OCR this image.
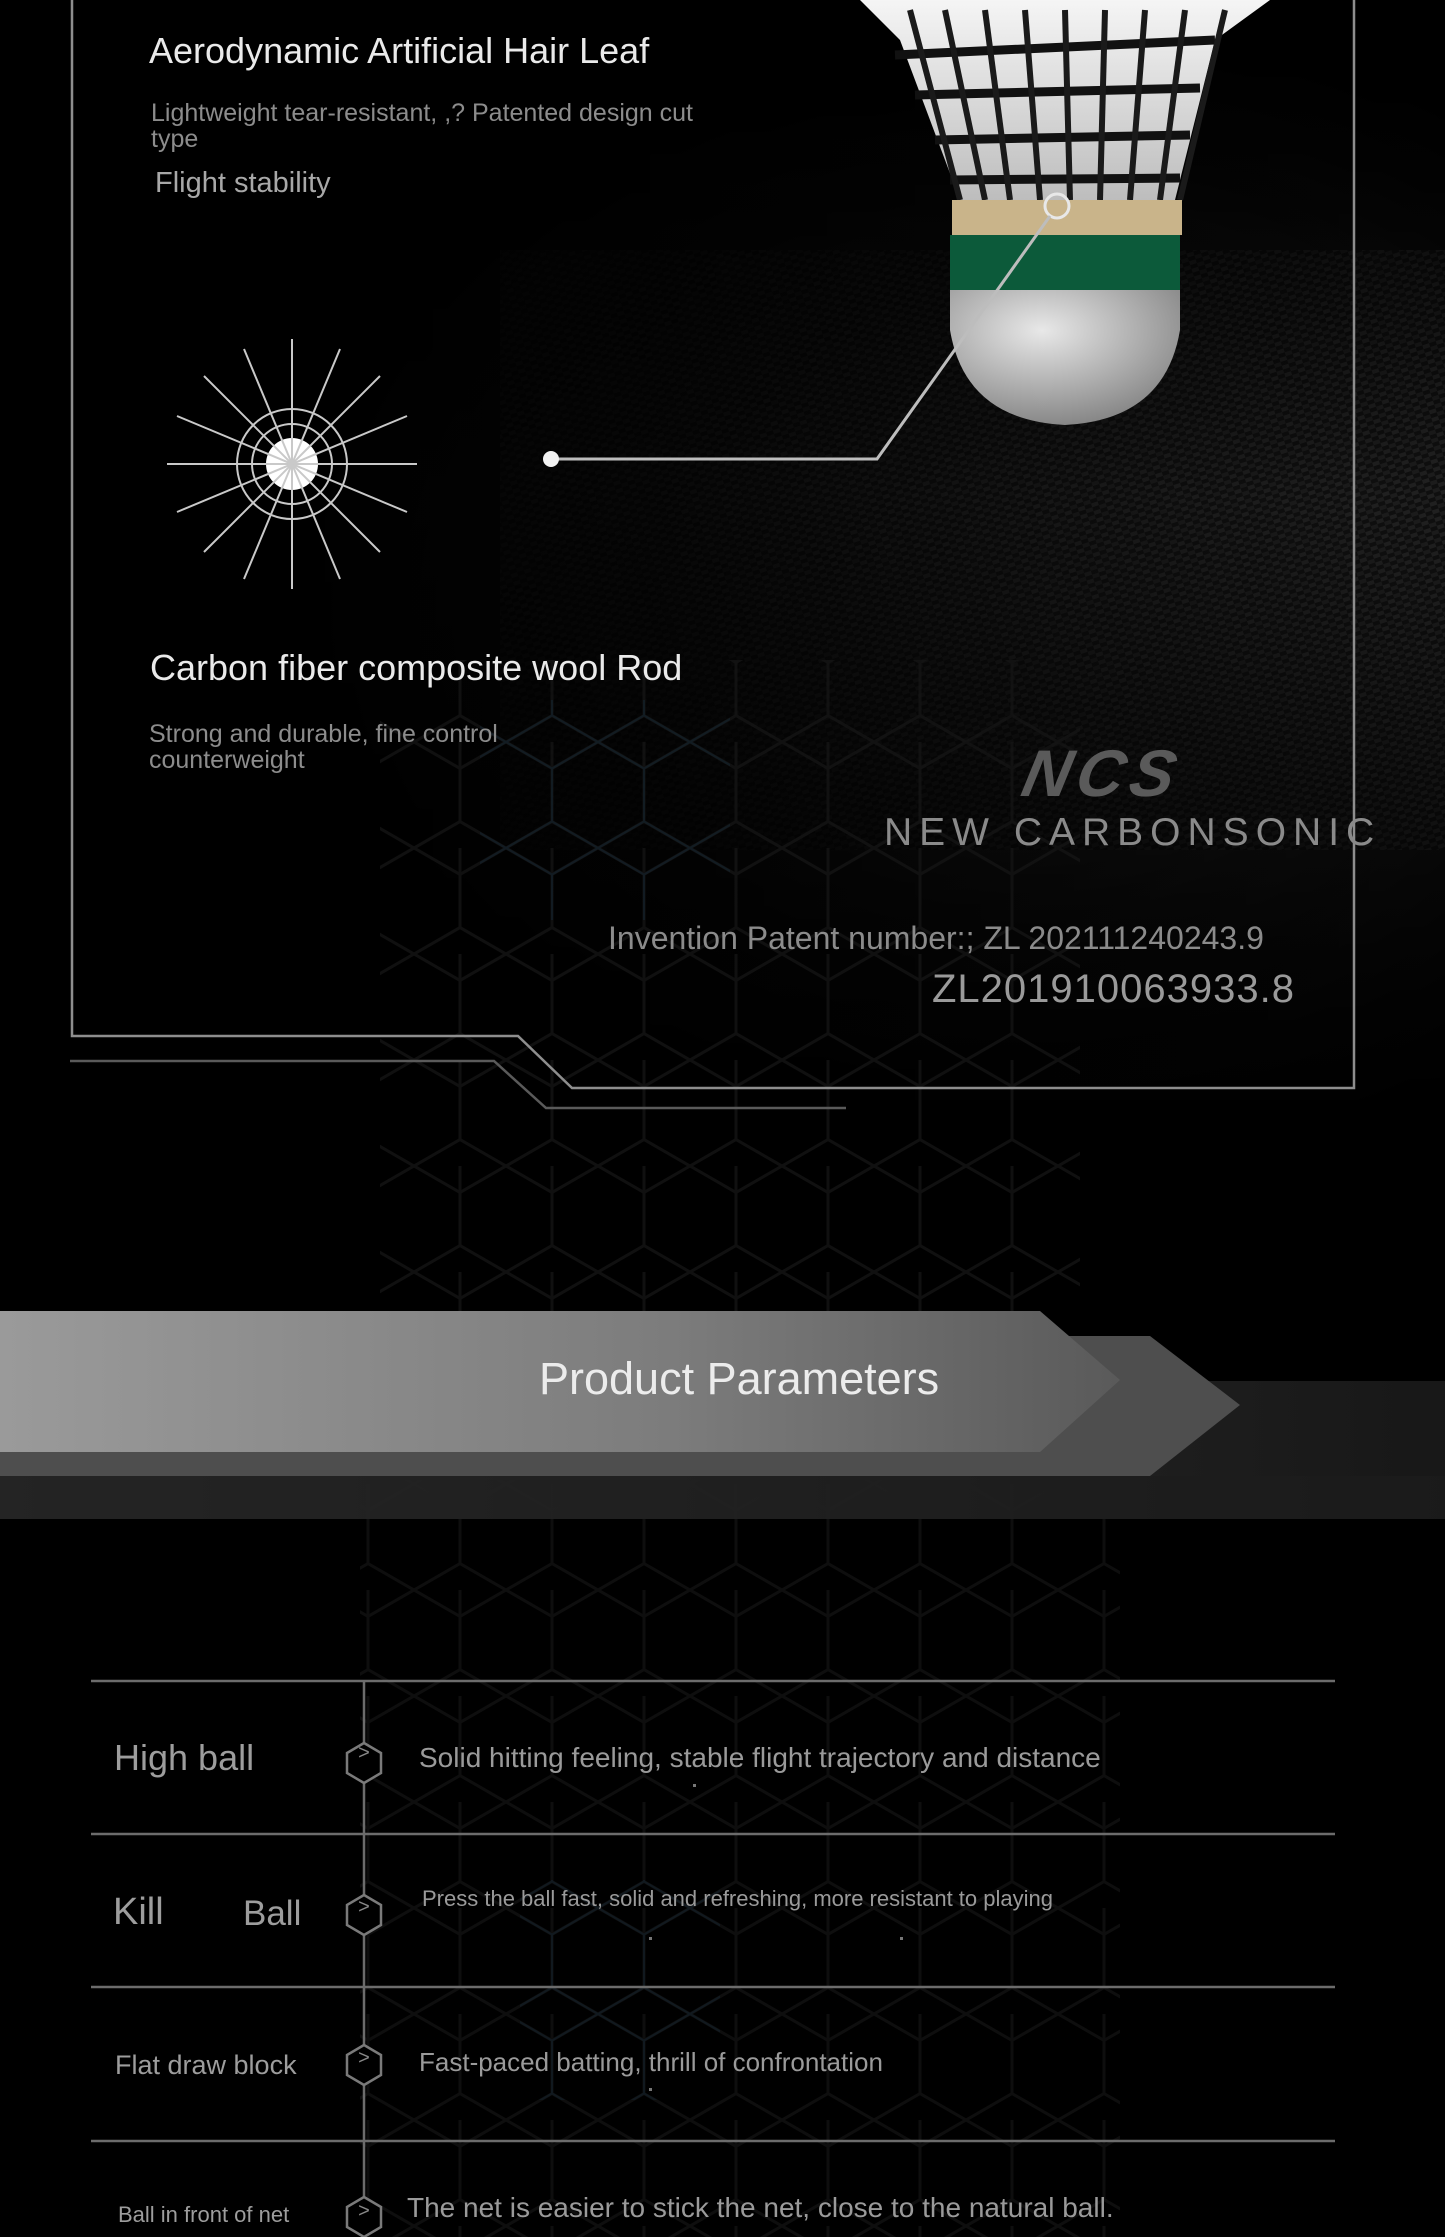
Aerodynamic Artificial Hair Leaf
Lightweight tear-resistant, ,? Patented design cut type
Flight stability
Carbon fiber composite wool Rod
Strong and durable, fine control counterweight	NCS
NEW CARBONSONIC
Invention Patent number:; ZL 202111240243.9
ZL201910063933.8
Product Parameters
High ball	>	Solid hitting feeling, stable flight trajectory and distance
Kill Ball	>	Press the ball fast, solid and refreshing, more resistant to playing
Flat draw block	>	Fast-paced batting, thrill of confrontation
Ball in front of net	>	The net is easier to stick the net, close to the natural ball.
